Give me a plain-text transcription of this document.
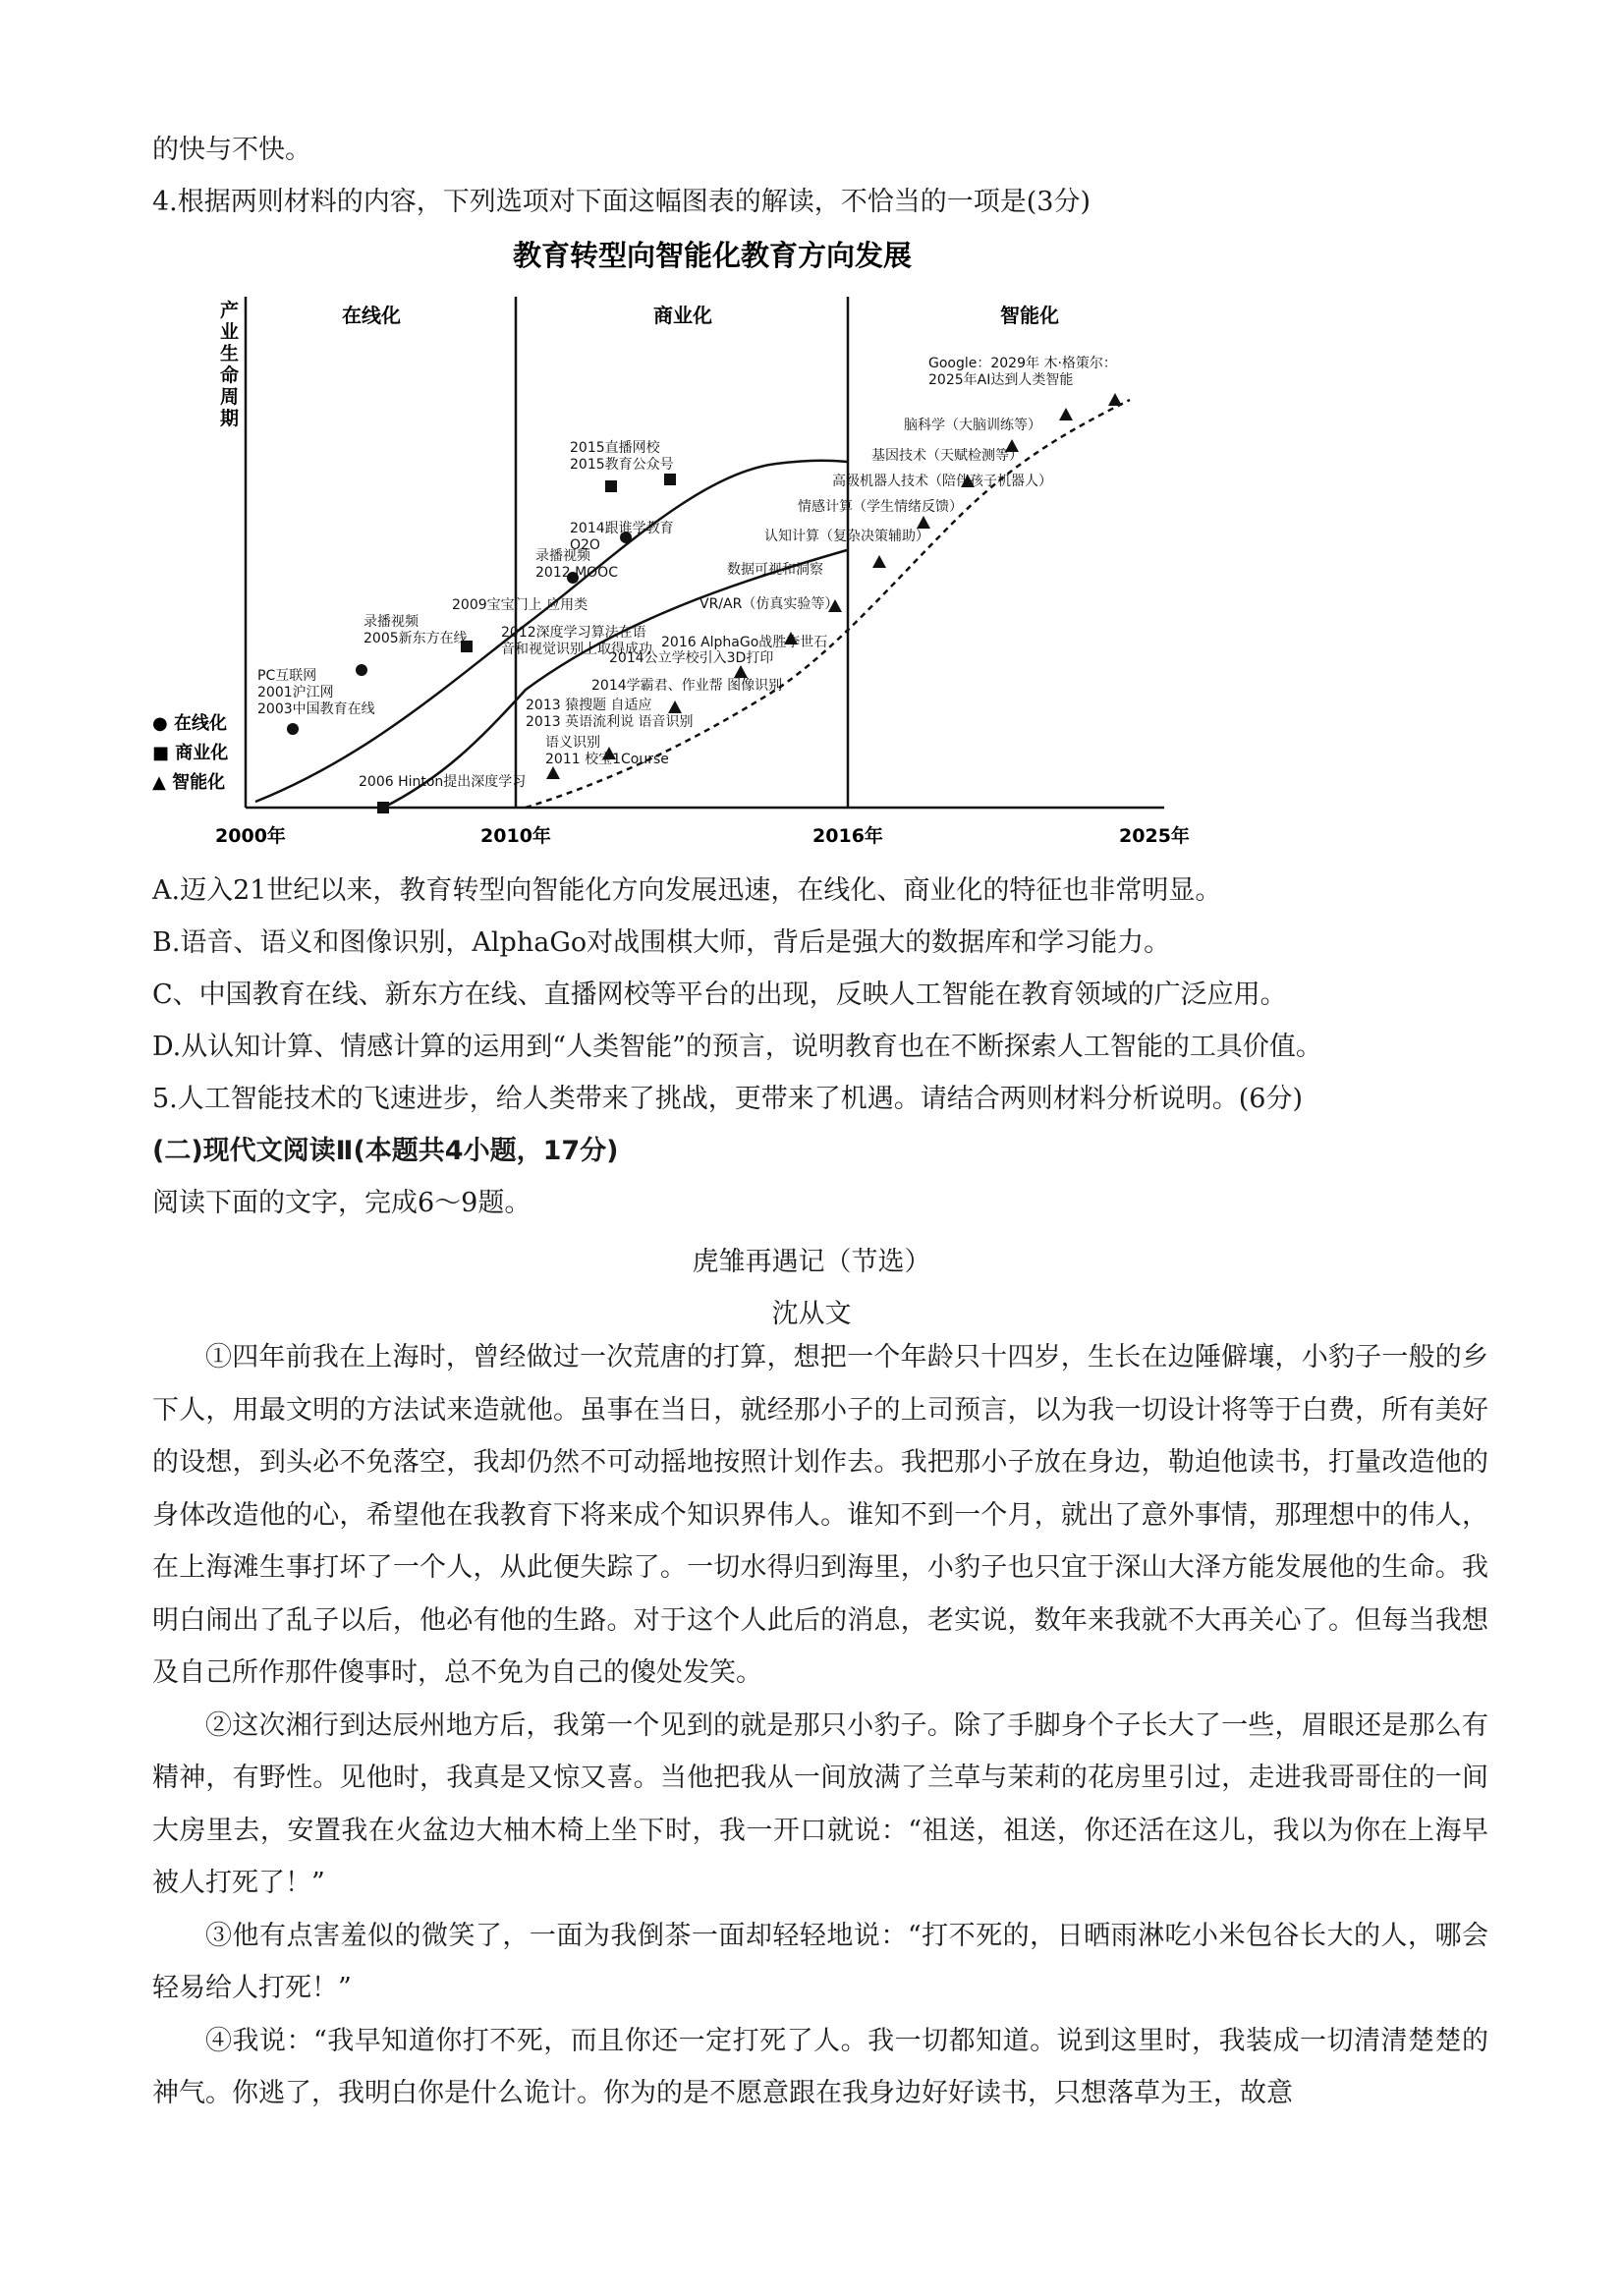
的快与不快。
4.根据两则材料的内容，下列选项对下面这幅图表的解读，不恰当的一项是(3分)
教育转型向智能化教育方向发展
产业生命周期
在线化	商业化	智能化
2000年	2010年	2016年	2025年
● 在线化
■ 商业化
▲ 智能化
PC互联网 2001沪江网 2003中国教育在线
录播视频 2005新东方在线
2006 Hinton提出深度学习
2009宝宝门上 应用类
2012深度学习算法在语音和视觉识别上取得成功
录播视频 2012 MOOC
2014跟谁学教育 O2O
2015直播网校 2015教育公众号
语义识别 2011 校宝1Course
2013 猿搜题 自适应 2013 英语流利说 语音识别
2014学霸君、作业帮 图像识别
2014公立学校引入3D打印
2016 AlphaGo战胜李世石
VR/AR（仿真实验等）
数据可视和洞察
认知计算（复杂决策辅助）
情感计算（学生情绪反馈）
高级机器人技术（陪伴孩子机器人）
基因技术（天赋检测等）
脑科学（大脑训练等）
Google：2029年 木·格策尔： 2025年AI达到人类智能
A.迈入21世纪以来，教育转型向智能化方向发展迅速，在线化、商业化的特征也非常明显。
B.语音、语义和图像识别，AlphaGo对战围棋大师，背后是强大的数据库和学习能力。
C、中国教育在线、新东方在线、直播网校等平台的出现，反映人工智能在教育领域的广泛应用。
D.从认知计算、情感计算的运用到“人类智能”的预言，说明教育也在不断探索人工智能的工具价值。
5.人工智能技术的飞速进步，给人类带来了挑战，更带来了机遇。请结合两则材料分析说明。(6分)
(二)现代文阅读Ⅱ(本题共4小题，17分)
阅读下面的文字，完成6～9题。
虎雏再遇记（节选）
沈从文

①四年前我在上海时，曾经做过一次荒唐的打算，想把一个年龄只十四岁，生长在边陲僻壤，小豹子一般的乡下人，用最文明的方法试来造就他。虽事在当日，就经那小子的上司预言，以为我一切设计将等于白费，所有美好的设想，到头必不免落空，我却仍然不可动摇地按照计划作去。我把那小子放在身边，勒迫他读书，打量改造他的身体改造他的心，希望他在我教育下将来成个知识界伟人。谁知不到一个月，就出了意外事情，那理想中的伟人，在上海滩生事打坏了一个人，从此便失踪了。一切水得归到海里，小豹子也只宜于深山大泽方能发展他的生命。我明白闹出了乱子以后，他必有他的生路。对于这个人此后的消息，老实说，数年来我就不大再关心了。但每当我想及自己所作那件傻事时，总不免为自己的傻处发笑。

②这次湘行到达辰州地方后，我第一个见到的就是那只小豹子。除了手脚身个子长大了一些，眉眼还是那么有精神，有野性。见他时，我真是又惊又喜。当他把我从一间放满了兰草与茉莉的花房里引过，走进我哥哥住的一间大房里去，安置我在火盆边大柚木椅上坐下时，我一开口就说：“祖送，祖送，你还活在这儿，我以为你在上海早被人打死了！”

③他有点害羞似的微笑了，一面为我倒茶一面却轻轻地说：“打不死的，日晒雨淋吃小米包谷长大的人，哪会轻易给人打死！”

④我说：“我早知道你打不死，而且你还一定打死了人。我一切都知道。说到这里时，我装成一切清清楚楚的神气。你逃了，我明白你是什么诡计。你为的是不愿意跟在我身边好好读书，只想落草为王，故意
